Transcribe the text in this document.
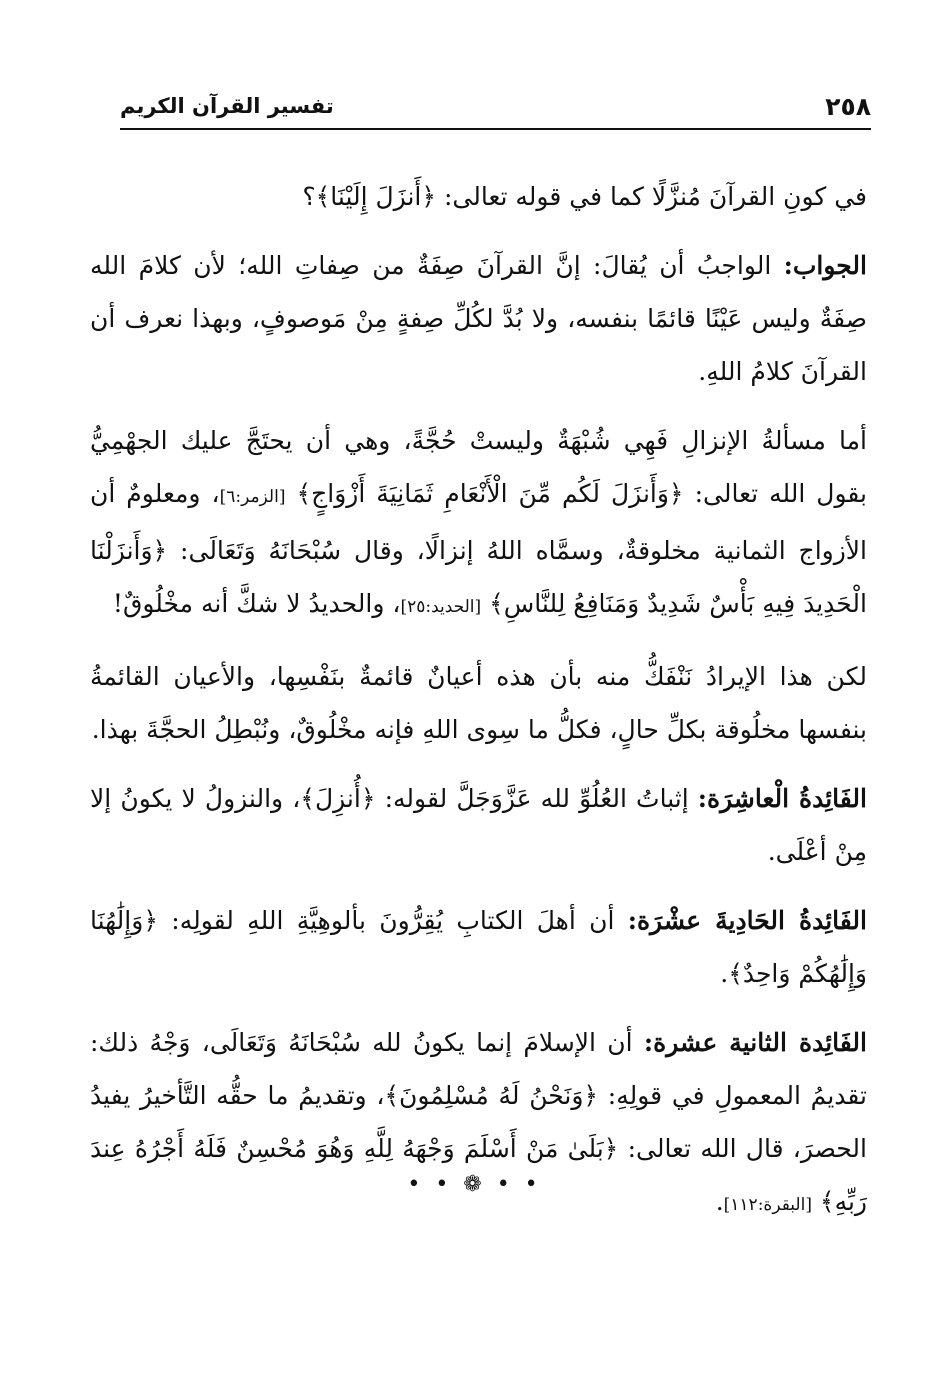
٢٥٨
تفسير القرآن الكريم

في كونِ القرآنَ مُنزَّلًا كما في قوله تعالى: ﴿أَنزَلَ إِلَيْنَا﴾؟

الجواب: الواجبُ أن يُقالَ: إنَّ القرآنَ صِفَةٌ من صِفاتِ الله؛ لأن كلامَ الله صِفَةٌ وليس عَيْنًا قائمًا بنفسه، ولا بُدَّ لكُلِّ صِفةٍ مِنْ مَوصوفٍ، وبهذا نعرف أن القرآنَ كلامُ اللهِ.

أما مسألةُ الإنزالِ فَهِي شُبْهَةٌ وليستْ حُجَّةً، وهي أن يحتَجَّ عليك الجهْمِيُّ بقول الله تعالى: ﴿وَأَنزَلَ لَكُم مِّنَ الْأَنْعَامِ ثَمَانِيَةَ أَزْوَاجٍ﴾ [الزمر:٦]، ومعلومٌ أن الأزواج الثمانية مخلوقةٌ، وسمَّاه اللهُ إنزالًا، وقال سُبْحَانَهُ وَتَعَالَى: ﴿وَأَنزَلْنَا الْحَدِيدَ فِيهِ بَأْسٌ شَدِيدٌ وَمَنَافِعُ لِلنَّاسِ﴾ [الحديد:٢٥]، والحديدُ لا شكَّ أنه مخْلُوقٌ!

لكن هذا الإيرادُ نَنْفَكُّ منه بأن هذه أعيانٌ قائمةٌ بنَفْسِها، والأعيان القائمةُ بنفسها مخلُوقة بكلِّ حالٍ، فكلُّ ما سِوى اللهِ فإنه مخْلُوقٌ، ونُبْطِلُ الحجَّةَ بهذا.

الفَائِدةُ الْعاشِرَة: إثباتُ العُلُوِّ لله عَزَّوَجَلَّ لقوله: ﴿أُنزِلَ﴾، والنزولُ لا يكونُ إلا مِنْ أعْلَى.

الفَائِدةُ الحَادِيةَ عشْرَة: أن أهلَ الكتابِ يُقِرُّونَ بألوهِيَّةِ اللهِ لقولِه: ﴿وَإِلَٰهُنَا وَإِلَٰهُكُمْ وَاحِدٌ﴾.

الفَائِدة الثانية عشرة: أن الإسلامَ إنما يكونُ لله سُبْحَانَهُ وَتَعَالَى، وَجْهُ ذلك: تقديمُ المعمولِ في قولِهِ: ﴿وَنَحْنُ لَهُ مُسْلِمُونَ﴾، وتقديمُ ما حقُّه التَّأخيرُ يفيدُ الحصرَ، قال الله تعالى: ﴿بَلَىٰ مَنْ أَسْلَمَ وَجْهَهُ لِلَّهِ وَهُوَ مُحْسِنٌ فَلَهُ أَجْرُهُ عِندَ رَبِّهِ﴾ [البقرة:١١٢].

• • ❁ • •
